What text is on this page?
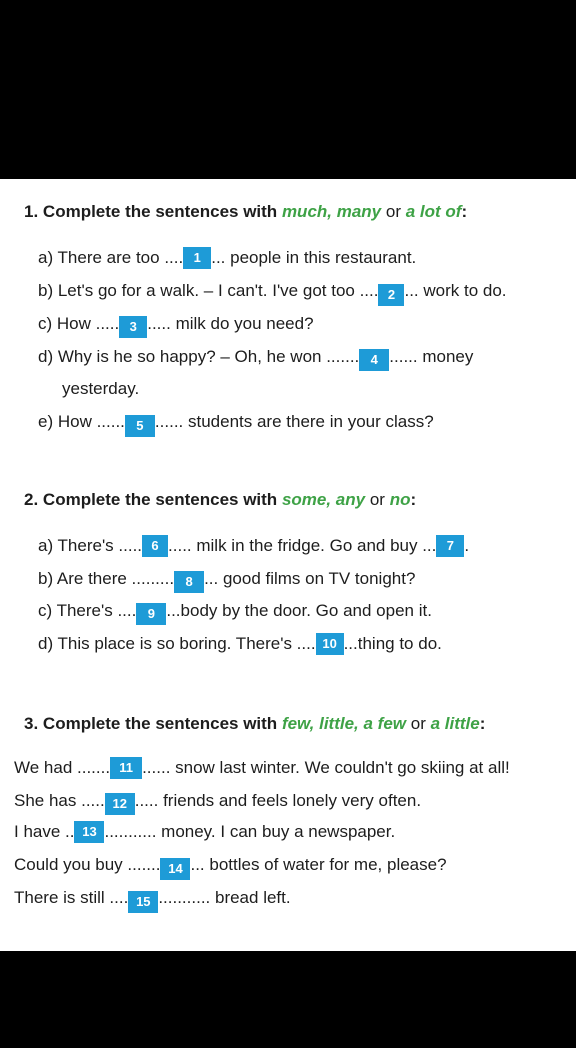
1. Complete the sentences with much, many or a lot of:
a) There are too .... 1 ... people in this restaurant.
b) Let's go for a walk. – I can't. I've got too .... 2 ... work to do.
c) How ..... 3 ..... milk do you need?
d) Why is he so happy? – Oh, he won ....... 4 ...... money
yesterday.
e) How ...... 5 ...... students are there in your class?
2. Complete the sentences with some, any or no:
a) There's ..... 6 ..... milk in the fridge. Go and buy ... 7 .
b) Are there ......... 8 ... good films on TV tonight?
c) There's .... 9 ...body by the door. Go and open it.
d) This place is so boring. There's .... 10 ...thing to do.
3. Complete the sentences with few, little, a few or a little:
We had ....... 11 ...... snow last winter. We couldn't go skiing at all!
She has ..... 12 ..... friends and feels lonely very often.
I have .. 13 ........... money. I can buy a newspaper.
Could you buy ....... 14 ... bottles of water for me, please?
There is still .... 15 ........... bread left.
